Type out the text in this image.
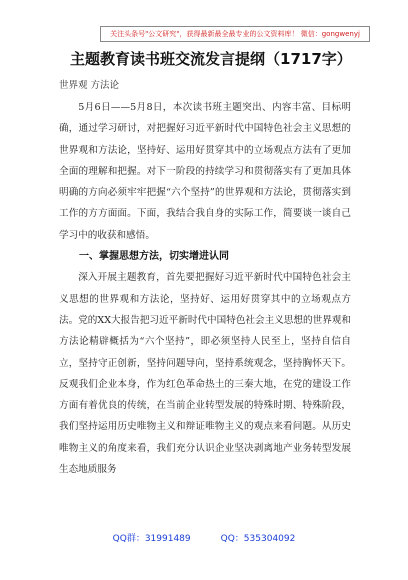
关注头条号"公文研究"，获得最新最全最专业的公文资料库！ 微信：gongwenyj
主题教育读书班交流发言提纲（1717字）
世界观 方法论

5月6日——5月8日，本次读书班主题突出、内容丰富、目标明确，通过学习研讨，对把握好习近平新时代中国特色社会主义思想的世界观和方法论，坚持好、运用好贯穿其中的立场观点方法有了更加全面的理解和把握。对下一阶段的持续学习和贯彻落实有了更加具体明确的方向必须牢牢把握“六个坚持”的世界观和方法论，贯彻落实到工作的方方面面。下面，我结合我自身的实际工作，简要谈一谈自己学习中的收获和感悟。

一、掌握思想方法，切实增进认同

深入开展主题教育，首先要把握好习近平新时代中国特色社会主义思想的世界观和方法论，坚持好、运用好贯穿其中的立场观点方法。党的XX大报告把习近平新时代中国特色社会主义思想的世界观和方法论精辟概括为“六个坚持”，即必须坚持人民至上，坚持自信自立，坚持守正创新，坚持问题导向，坚持系统观念，坚持胸怀天下。反观我们企业本身，作为红色革命热土的三秦大地，在党的建设工作方面有着优良的传统，在当前企业转型发展的特殊时期、特殊阶段，我们坚持运用历史唯物主义和辩证唯物主义的观点来看问题。从历史唯物主义的角度来看，我们充分认识企业坚决剥离地产业务转型发展生态地质服务

QQ群：31991489	QQ：535304092
